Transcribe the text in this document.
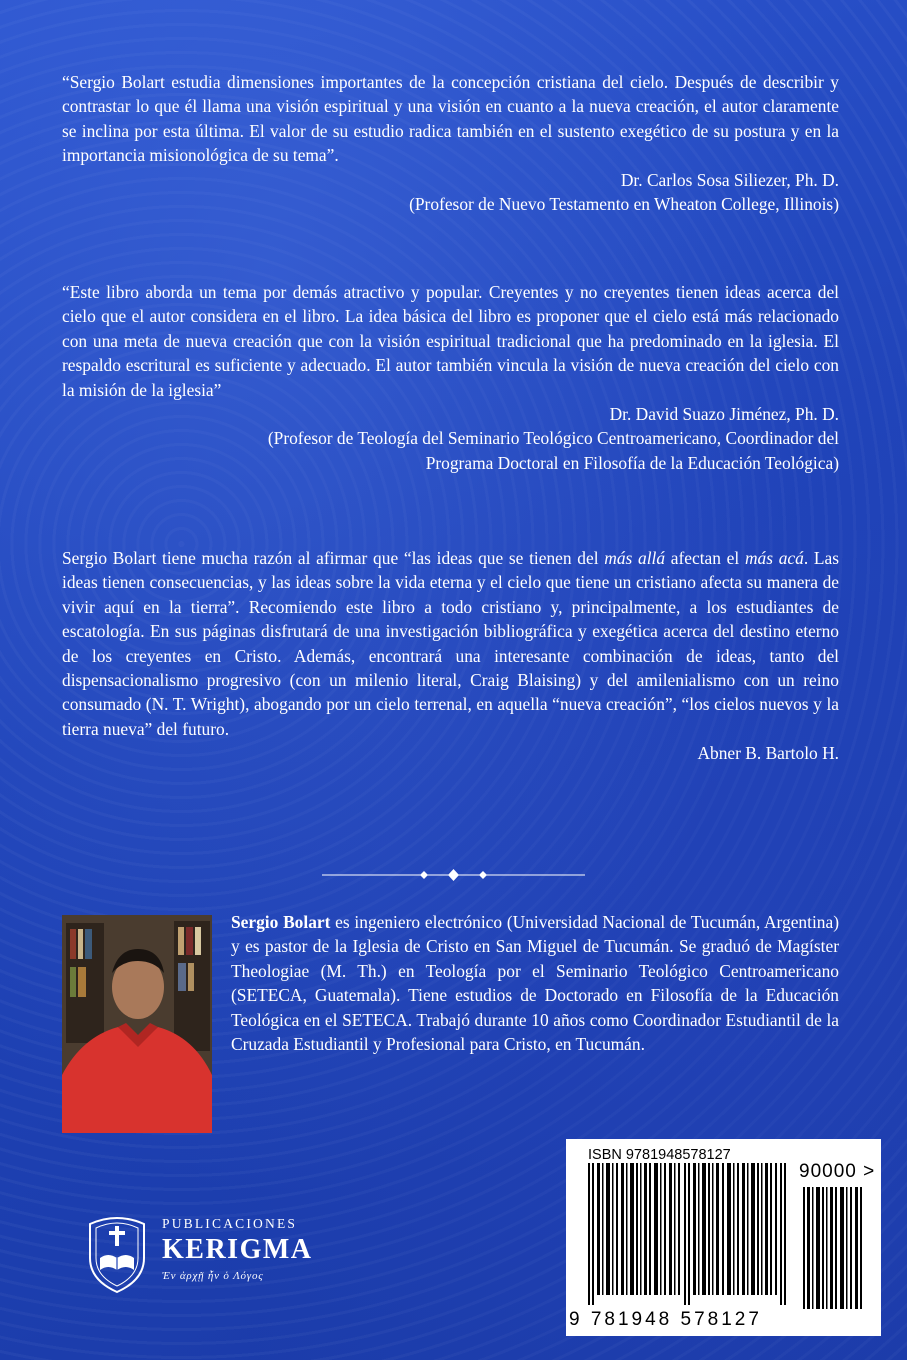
“Sergio Bolart estudia dimensiones importantes de la concepción cristiana del cielo. Después de describir y contrastar lo que él llama una visión espiritual y una visión en cuanto a la nueva creación, el autor claramente se inclina por esta última. El valor de su estudio radica también en el sustento exegético de su postura y en la importancia misionológica de su tema”.

Dr. Carlos Sosa Siliezer, Ph. D.

(Profesor de Nuevo Testamento en Wheaton College, Illinois)

“Este libro aborda un tema por demás atractivo y popular. Creyentes y no creyentes tienen ideas acerca del cielo que el autor considera en el libro. La idea básica del libro es proponer que el cielo está más relacionado con una meta de nueva creación que con la visión espiritual tradicional que ha predominado en la iglesia. El respaldo escritural es suficiente y adecuado. El autor también vincula la visión de nueva creación del cielo con la misión de la iglesia”

Dr. David Suazo Jiménez, Ph. D.

(Profesor de Teología del Seminario Teológico Centroamericano, Coordinador del

Programa Doctoral en Filosofía de la Educación Teológica)

Sergio Bolart tiene mucha razón al afirmar que “las ideas que se tienen del más allá afectan el más acá. Las ideas tienen consecuencias, y las ideas sobre la vida eterna y el cielo que tiene un cristiano afecta su manera de vivir aquí en la tierra”. Recomiendo este libro a todo cristiano y, principalmente, a los estudiantes de escatología. En sus páginas disfrutará de una investigación bibliográfica y exegética acerca del destino eterno de los creyentes en Cristo. Además, encontrará una interesante combinación de ideas, tanto del dispensacionalismo progresivo (con un milenio literal, Craig Blaising) y del amilenialismo con un reino consumado (N. T. Wright), abogando por un cielo terrenal, en aquella “nueva creación”, “los cielos nuevos y la tierra nueva” del futuro.

Abner B. Bartolo H.

Sergio Bolart es ingeniero electrónico (Universidad Nacional de Tucumán, Argentina) y es pastor de la Iglesia de Cristo en San Miguel de Tucumán. Se graduó de Magíster Theologiae (M. Th.) en Teología por el Seminario Teológico Centroamericano (SETECA, Guatemala). Tiene estudios de Doctorado en Filosofía de la Educación Teológica en el SETECA. Trabajó durante 10 años como Coordinador Estudiantil de la Cruzada Estudiantil y Profesional para Cristo, en Tucumán.

ISBN 9781948578127
90000 >
9 781948 578127
PUBLICACIONES
KERIGMA
Ἐν ἀρχῇ ἦν ὁ Λόγος
